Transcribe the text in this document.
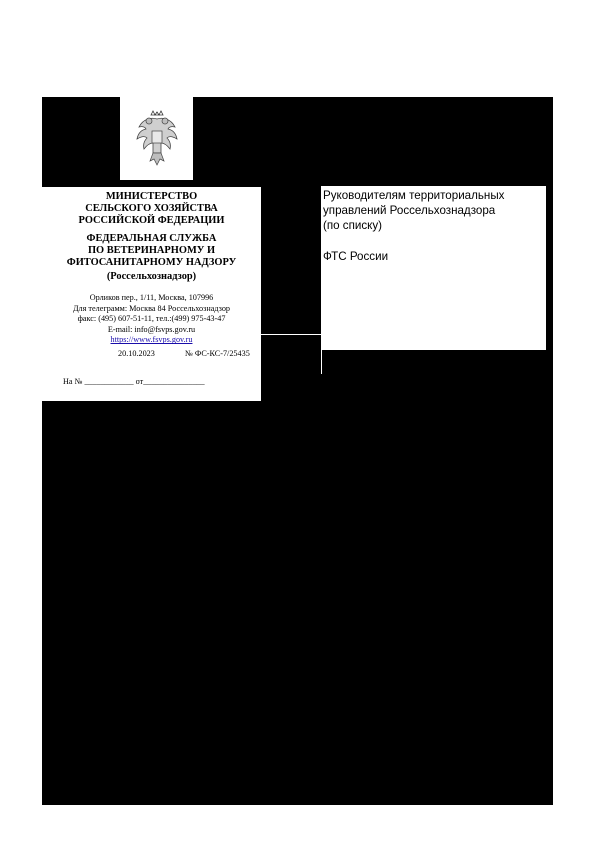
МИНИСТЕРСТВО
СЕЛЬСКОГО ХОЗЯЙСТВА
РОССИЙСКОЙ ФЕДЕРАЦИИ
ФЕДЕРАЛЬНАЯ СЛУЖБА
ПО ВЕТЕРИНАРНОМУ И
ФИТОСАНИТАРНОМУ НАДЗОРУ
(Россельхознадзор)
Орликов пер., 1/11, Москва, 107996
Для телеграмм: Москва 84 Россельхознадзор
факс: (495) 607-51-11, тел.:(499) 975-43-47
E-mail: info@fsvps.gov.ru
https://www.fsvps.gov.ru
20.10.2023	№ ФС-КС-7/25435
На № ____________ от_______________
Руководителям территориальных
управлений Россельхознадзора
(по списку)
ФТС России
